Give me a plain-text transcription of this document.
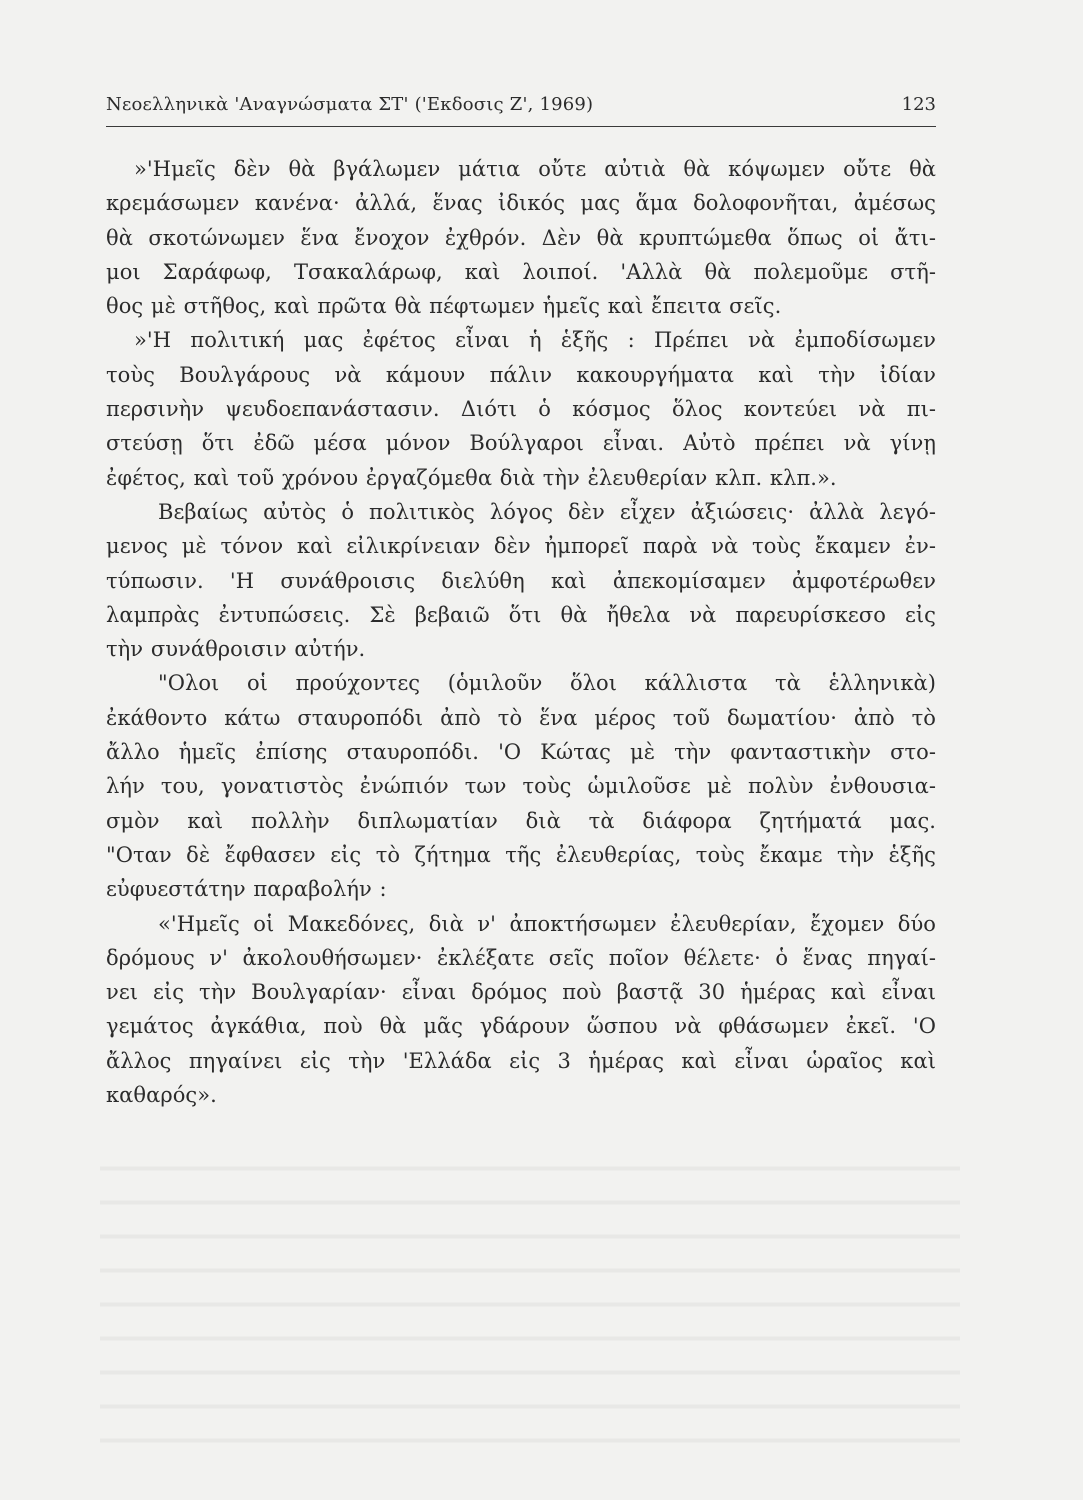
Νεοελληνικὰ 'Αναγνώσματα ΣΤ' ('Εκδοσις Ζ', 1969)	123
»'Ημεῖς δὲν θὰ βγάλωμεν μάτια οὔτε αὐτιὰ θὰ κόψωμεν οὔτε θὰ
κρεμάσωμεν κανένα· ἀλλά, ἕνας ἰδικός μας ἅμα δολοφονῆται, ἀμέσως
θὰ σκοτώνωμεν ἕνα ἔνοχον ἐχθρόν. Δὲν θὰ κρυπτώμεθα ὅπως οἱ ἄτι-
μοι Σαράφωφ, Τσακαλάρωφ, καὶ λοιποί. 'Αλλὰ θὰ πολεμοῦμε στῆ-
θος μὲ στῆθος, καὶ πρῶτα θὰ πέφτωμεν ἡμεῖς καὶ ἔπειτα σεῖς.
»'Η πολιτική μας ἐφέτος εἶναι ἡ ἑξῆς : Πρέπει νὰ ἐμποδίσωμεν
τοὺς Βουλγάρους νὰ κάμουν πάλιν κακουργήματα καὶ τὴν ἰδίαν
περσινὴν ψευδοεπανάστασιν. Διότι ὁ κόσμος ὅλος κοντεύει νὰ πι-
στεύσῃ ὅτι ἐδῶ μέσα μόνον Βούλγαροι εἶναι. Αὐτὸ πρέπει νὰ γίνῃ
ἐφέτος, καὶ τοῦ χρόνου ἐργαζόμεθα διὰ τὴν ἐλευθερίαν κλπ. κλπ.».
Βεβαίως αὐτὸς ὁ πολιτικὸς λόγος δὲν εἶχεν ἀξιώσεις· ἀλλὰ λεγό-
μενος μὲ τόνον καὶ εἰλικρίνειαν δὲν ἠμπορεῖ παρὰ νὰ τοὺς ἔκαμεν ἐν-
τύπωσιν. 'Η συνάθροισις διελύθη καὶ ἀπεκομίσαμεν ἀμφοτέρωθεν
λαμπρὰς ἐντυπώσεις. Σὲ βεβαιῶ ὅτι θὰ ἤθελα νὰ παρευρίσκεσο εἰς
τὴν συνάθροισιν αὐτήν.
"Ολοι οἱ προύχοντες (ὁμιλοῦν ὅλοι κάλλιστα τὰ ἑλληνικὰ)
ἐκάθοντο κάτω σταυροπόδι ἀπὸ τὸ ἕνα μέρος τοῦ δωματίου· ἀπὸ τὸ
ἄλλο ἡμεῖς ἐπίσης σταυροπόδι. 'Ο Κώτας μὲ τὴν φανταστικὴν στο-
λήν του, γονατιστὸς ἐνώπιόν των τοὺς ὡμιλοῦσε μὲ πολὺν ἐνθουσια-
σμὸν καὶ πολλὴν διπλωματίαν διὰ τὰ διάφορα ζητήματά μας.
"Οταν δὲ ἔφθασεν εἰς τὸ ζήτημα τῆς ἐλευθερίας, τοὺς ἔκαμε τὴν ἑξῆς
εὐφυεστάτην παραβολήν :
«'Ημεῖς οἱ Μακεδόνες, διὰ ν' ἀποκτήσωμεν ἐλευθερίαν, ἔχομεν δύο
δρόμους ν' ἀκολουθήσωμεν· ἐκλέξατε σεῖς ποῖον θέλετε· ὁ ἕνας πηγαί-
νει εἰς τὴν Βουλγαρίαν· εἶναι δρόμος ποὺ βαστᾷ 30 ἡμέρας καὶ εἶναι
γεμάτος ἀγκάθια, ποὺ θὰ μᾶς γδάρουν ὥσπου νὰ φθάσωμεν ἐκεῖ. 'Ο
ἄλλος πηγαίνει εἰς τὴν 'Ελλάδα εἰς 3 ἡμέρας καὶ εἶναι ὡραῖος καὶ
καθαρός».
